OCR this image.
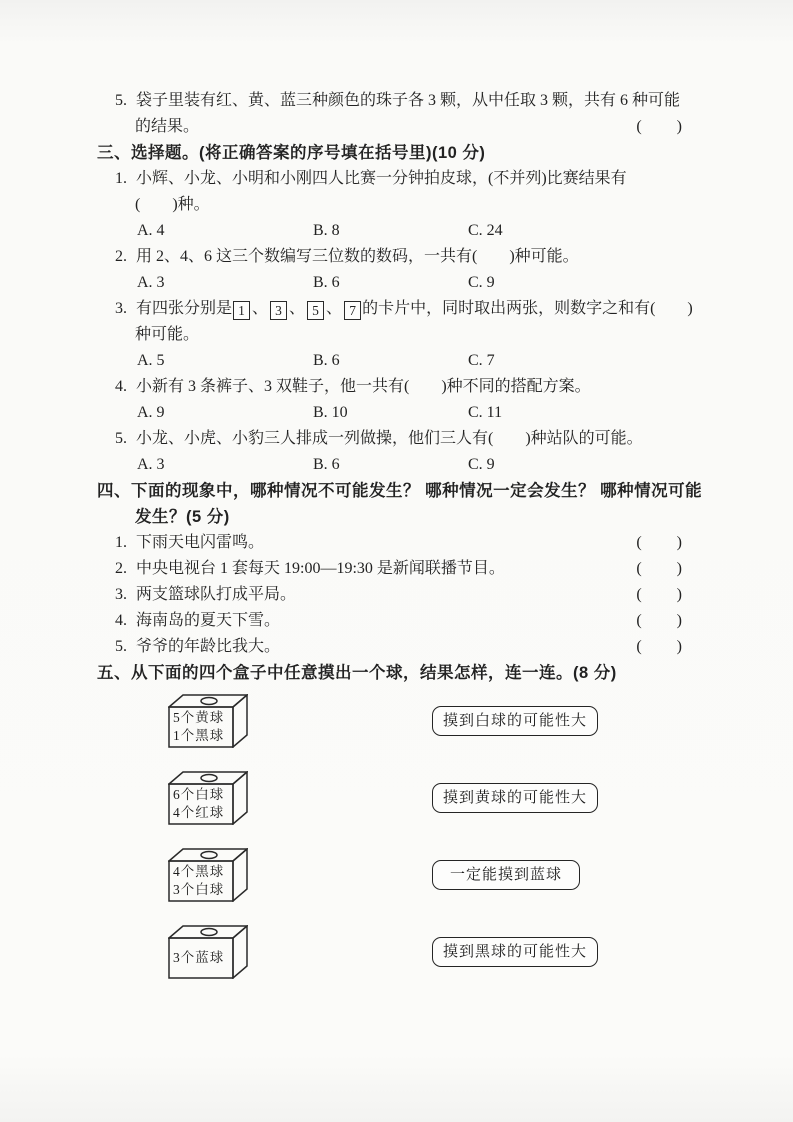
5. 袋子里装有红、黄、蓝三种颜色的珠子各 3 颗，从中任取 3 颗，共有 6 种可能
的结果。	(　　)
三、选择题。(将正确答案的序号填在括号里)(10 分)
1. 小辉、小龙、小明和小刚四人比赛一分钟拍皮球，(不并列)比赛结果有
(　　)种。
A. 4	B. 8	C. 24
2. 用 2、4、6 这三个数编写三位数的数码，一共有(　　)种可能。
A. 3	B. 6	C. 9
3. 有四张分别是 1 、 3 、 5 、 7 的卡片中，同时取出两张，则数字之和有(　　)
种可能。
A. 5	B. 6	C. 7
4. 小新有 3 条裤子、3 双鞋子，他一共有(　　)种不同的搭配方案。
A. 9	B. 10	C. 11
5. 小龙、小虎、小豹三人排成一列做操，他们三人有(　　)种站队的可能。
A. 3	B. 6	C. 9
四、下面的现象中，哪种情况不可能发生？ 哪种情况一定会发生？ 哪种情况可能
发生？(5 分)
1. 下雨天电闪雷鸣。	(　　)
2. 中央电视台 1 套每天 19:00—19:30 是新闻联播节目。	(　　)
3. 两支篮球队打成平局。	(　　)
4. 海南岛的夏天下雪。	(　　)
5. 爷爷的年龄比我大。	(　　)
五、从下面的四个盒子中任意摸出一个球，结果怎样，连一连。(8 分)
5个黄球
1个黑球
摸到白球的可能性大
6个白球
4个红球
摸到黄球的可能性大
4个黑球
3个白球
一定能摸到蓝球
3个蓝球	摸到黑球的可能性大
